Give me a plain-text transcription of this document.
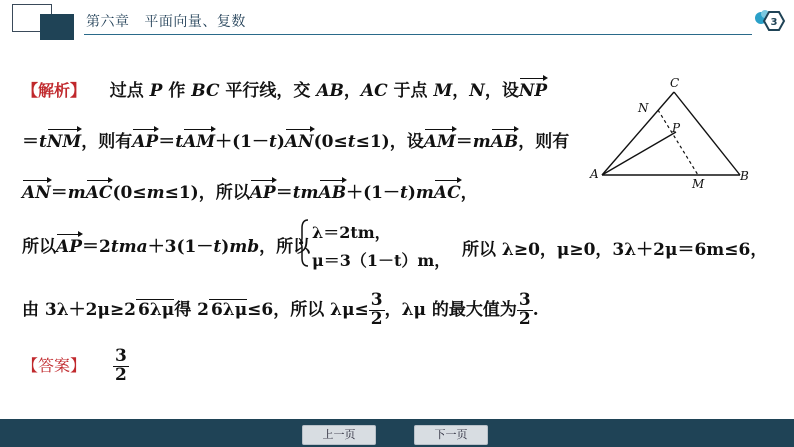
第六章 平面向量、复数	3
【解析】 过点 P 作 BC 平行线，交 AB，AC 于点 M，N，设NP
＝tNM，则有AP＝tAM＋(1－t)AN(0≤t≤1)，设AM＝mAB，则有
AN＝mAC(0≤m≤1)，所以AP＝tmAB＋(1－t)mAC，
所以AP＝2tma＋3(1－t)mb，所以
λ＝2tm，
μ＝3（1－t）m，
所以 λ≥0，μ≥0，3λ＋2μ＝6m≤6，
由 3λ＋2μ≥2 6λμ得 2 6λμ≤6，所以 $\lambda\mu\le \frac{3}{2}$ ，λμ 的最大值为 $\frac{3}{2}$ .
【答案】 $\frac{3}{2}$
C
N
P
A
M
B
上一页	下一页
